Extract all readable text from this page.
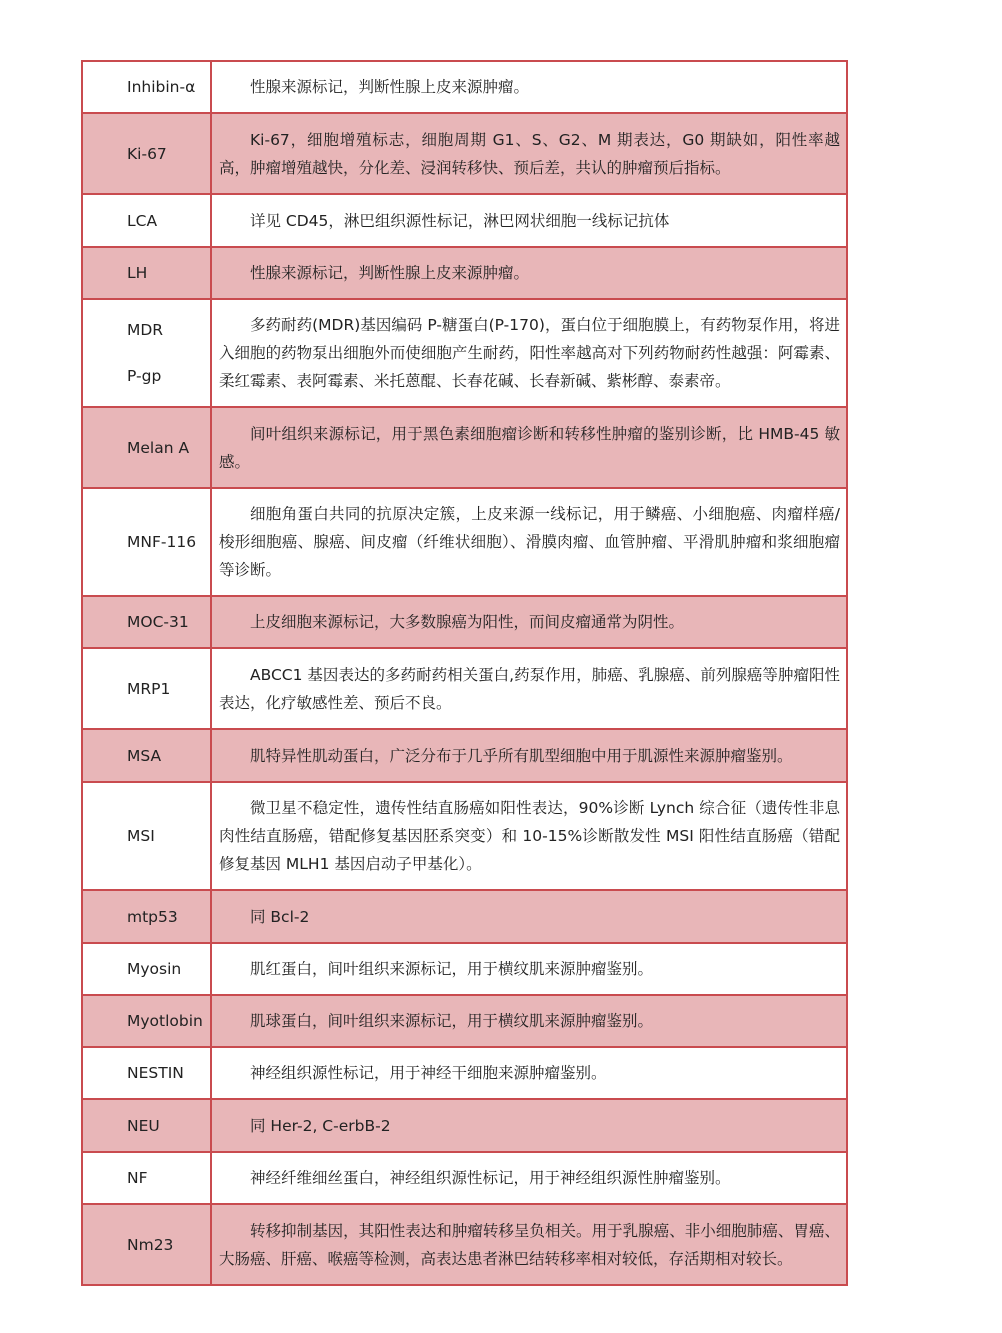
Inhibin-α	性腺来源标记，判断性腺上皮来源肿瘤。

Ki-67	Ki-67，细胞增殖标志，细胞周期 G1、S、G2、M 期表达，G0 期缺如，阳性率越高，肿瘤增殖越快，分化差、浸润转移快、预后差，共认的肿瘤预后指标。

LCA	详见 CD45，淋巴组织源性标记，淋巴网状细胞一线标记抗体

LH	性腺来源标记，判断性腺上皮来源肿瘤。

MDR
P-gp	多药耐药(MDR)基因编码 P-糖蛋白(P-170)，蛋白位于细胞膜上，有药物泵作用，将进入细胞的药物泵出细胞外而使细胞产生耐药，阳性率越高对下列药物耐药性越强：阿霉素、柔红霉素、表阿霉素、米托蒽醌、长春花碱、长春新碱、紫彬醇、泰素帝。

Melan A	间叶组织来源标记，用于黑色素细胞瘤诊断和转移性肿瘤的鉴别诊断，比 HMB-45 敏感。

MNF-116	细胞角蛋白共同的抗原决定簇，上皮来源一线标记，用于鳞癌、小细胞癌、肉瘤样癌/梭形细胞癌、腺癌、间皮瘤（纤维状细胞）、滑膜肉瘤、血管肿瘤、平滑肌肿瘤和浆细胞瘤等诊断。

MOC-31	上皮细胞来源标记，大多数腺癌为阳性，而间皮瘤通常为阴性。

MRP1	ABCC1 基因表达的多药耐药相关蛋白,药泵作用，肺癌、乳腺癌、前列腺癌等肿瘤阳性表达，化疗敏感性差、预后不良。

MSA	肌特异性肌动蛋白，广泛分布于几乎所有肌型细胞中用于肌源性来源肿瘤鉴别。

MSI	微卫星不稳定性，遗传性结直肠癌如阳性表达，90%诊断 Lynch 综合征（遗传性非息肉性结直肠癌，错配修复基因胚系突变）和 10-15%诊断散发性 MSI 阳性结直肠癌（错配修复基因 MLH1 基因启动子甲基化）。

mtp53	同 Bcl-2

Myosin	肌红蛋白，间叶组织来源标记，用于横纹肌来源肿瘤鉴别。

Myotlobin	肌球蛋白，间叶组织来源标记，用于横纹肌来源肿瘤鉴别。

NESTIN	神经组织源性标记，用于神经干细胞来源肿瘤鉴别。

NEU	同 Her-2, C-erbB-2

NF	神经纤维细丝蛋白，神经组织源性标记，用于神经组织源性肿瘤鉴别。

Nm23	转移抑制基因，其阳性表达和肿瘤转移呈负相关。用于乳腺癌、非小细胞肺癌、胃癌、大肠癌、肝癌、喉癌等检测，高表达患者淋巴结转移率相对较低，存活期相对较长。
